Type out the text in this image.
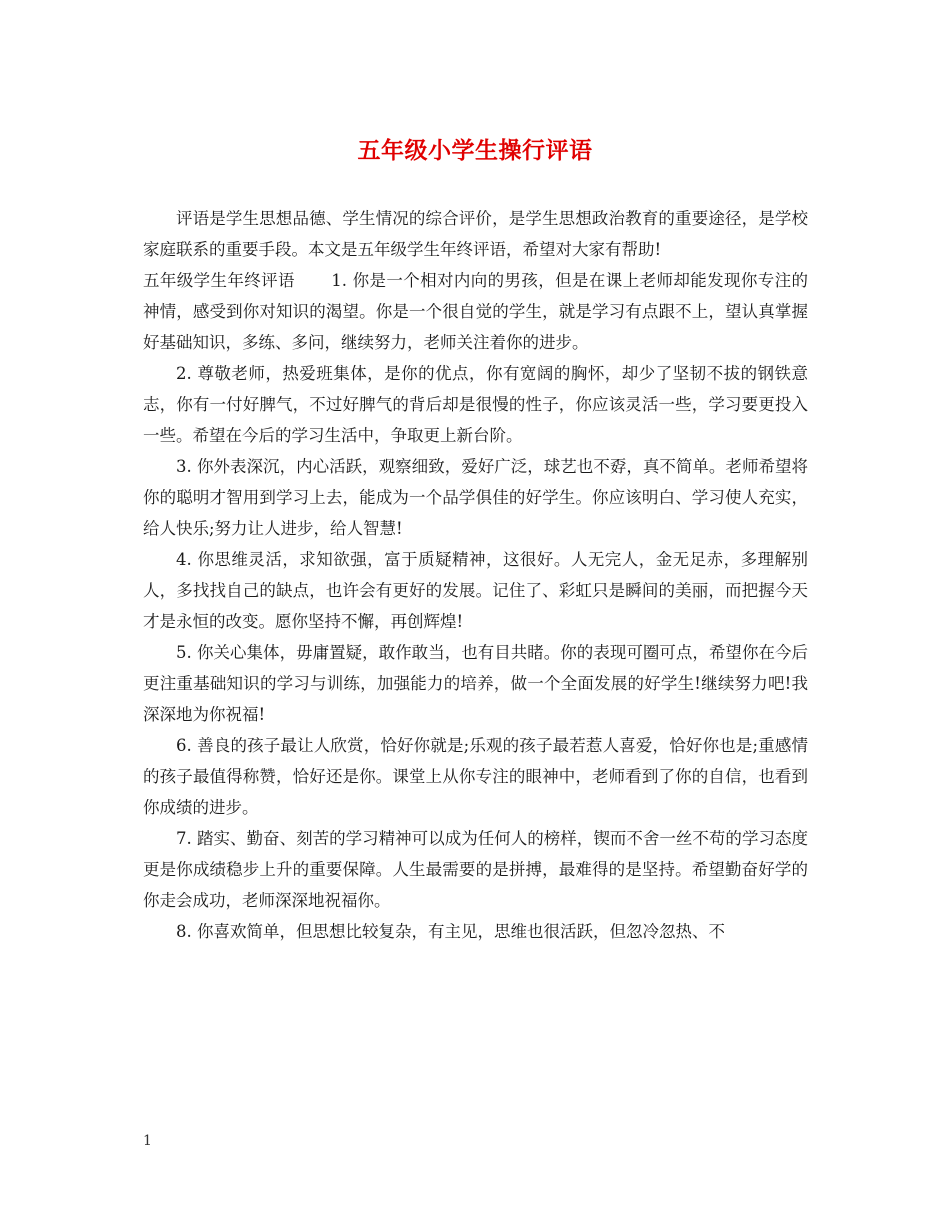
五年级小学生操行评语

评语是学生思想品德、学生情况的综合评价，是学生思想政治教育的重要途径，是学校家庭联系的重要手段。本文是五年级学生年终评语，希望对大家有帮助!

五年级学生年终评语 1. 你是一个相对内向的男孩，但是在课上老师却能发现你专注的神情，感受到你对知识的渴望。你是一个很自觉的学生，就是学习有点跟不上，望认真掌握好基础知识，多练、多问，继续努力，老师关注着你的进步。

2. 尊敬老师，热爱班集体，是你的优点，你有宽阔的胸怀，却少了坚韧不拔的钢铁意志，你有一付好脾气，不过好脾气的背后却是很慢的性子，你应该灵活一些，学习要更投入一些。希望在今后的学习生活中，争取更上新台阶。

3. 你外表深沉，内心活跃，观察细致，爱好广泛，球艺也不孬，真不简单。老师希望将你的聪明才智用到学习上去，能成为一个品学俱佳的好学生。你应该明白、学习使人充实，给人快乐;努力让人进步，给人智慧!

4. 你思维灵活，求知欲强，富于质疑精神，这很好。人无完人，金无足赤，多理解别人，多找找自己的缺点，也许会有更好的发展。记住了、彩虹只是瞬间的美丽，而把握今天才是永恒的改变。愿你坚持不懈，再创辉煌!

5. 你关心集体，毋庸置疑，敢作敢当，也有目共睹。你的表现可圈可点，希望你在今后更注重基础知识的学习与训练，加强能力的培养，做一个全面发展的好学生!继续努力吧!我深深地为你祝福!

6. 善良的孩子最让人欣赏，恰好你就是;乐观的孩子最若惹人喜爱，恰好你也是;重感情的孩子最值得称赞，恰好还是你。课堂上从你专注的眼神中，老师看到了你的自信，也看到你成绩的进步。

7. 踏实、勤奋、刻苦的学习精神可以成为任何人的榜样，锲而不舍一丝不苟的学习态度更是你成绩稳步上升的重要保障。人生最需要的是拼搏，最难得的是坚持。希望勤奋好学的你走会成功，老师深深地祝福你。

8. 你喜欢简单，但思想比较复杂，有主见，思维也很活跃，但忽冷忽热、不

1
